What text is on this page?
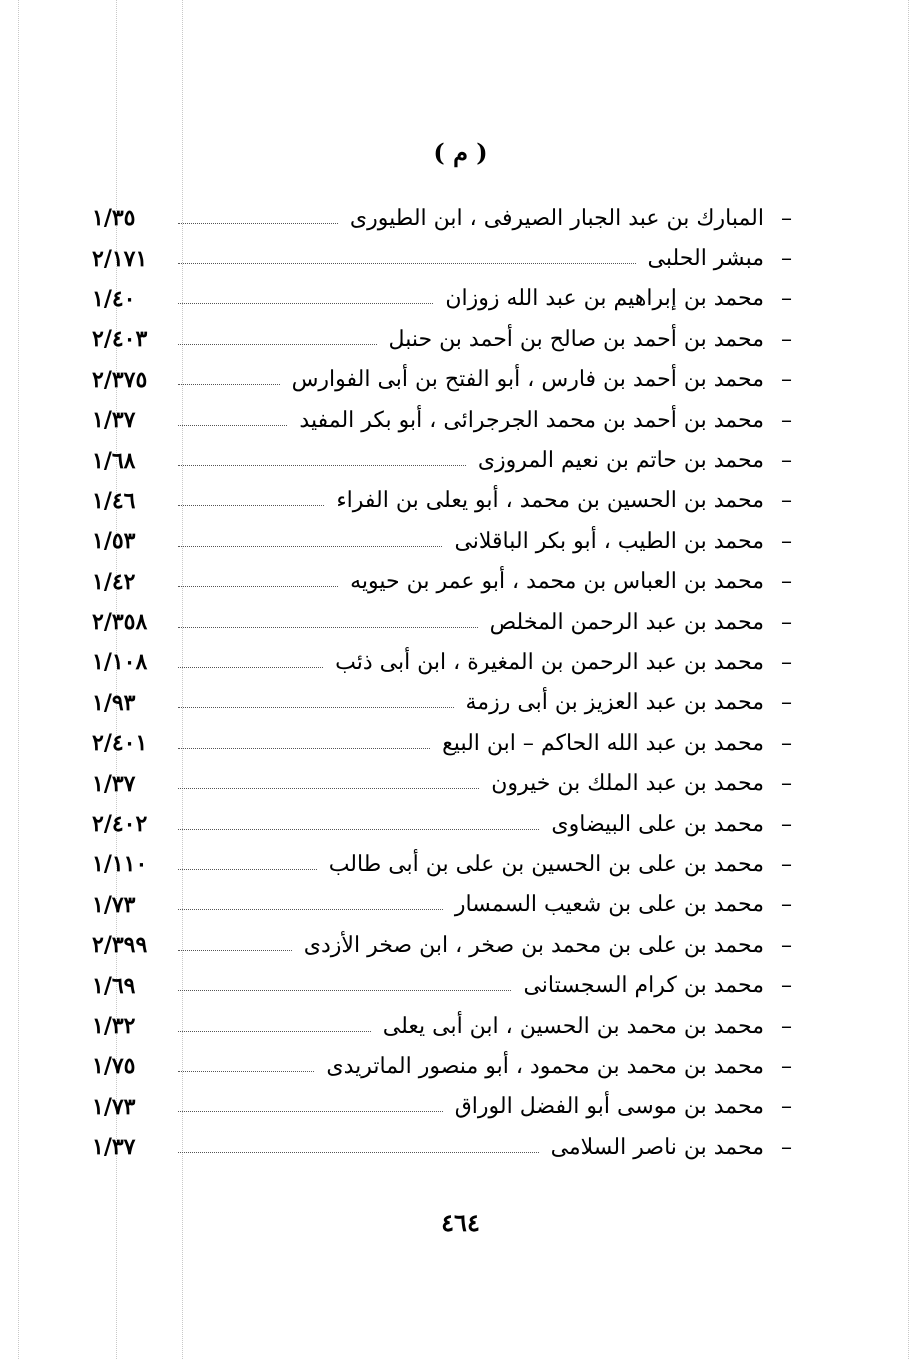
( م )
–
المبارك بن عبد الجبار الصيرفى ، ابن الطيورى
١/٣٥
–
مبشر الحلبى
٢/١٧١
–
محمد بن إبراهيم بن عبد الله زوزان
١/٤٠
–
محمد بن أحمد بن صالح بن أحمد بن حنبل
٢/٤٠٣
–
محمد بن أحمد بن فارس ، أبو الفتح بن أبى الفوارس
٢/٣٧٥
–
محمد بن أحمد بن محمد الجرجرائى ، أبو بكر المفيد
١/٣٧
–
محمد بن حاتم بن نعيم المروزى
١/٦٨
–
محمد بن الحسين بن محمد ، أبو يعلى بن الفراء
١/٤٦
–
محمد بن الطيب ، أبو بكر الباقلانى
١/٥٣
–
محمد بن العباس بن محمد ، أبو عمر بن حيويه
١/٤٢
–
محمد بن عبد الرحمن المخلص
٢/٣٥٨
–
محمد بن عبد الرحمن بن المغيرة ، ابن أبى ذئب
١/١٠٨
–
محمد بن عبد العزيز بن أبى رزمة
١/٩٣
–
محمد بن عبد الله الحاكم – ابن البيع
٢/٤٠١
–
محمد بن عبد الملك بن خيرون
١/٣٧
–
محمد بن على البيضاوى
٢/٤٠٢
–
محمد بن على بن الحسين بن على بن أبى طالب
١/١١٠
–
محمد بن على بن شعيب السمسار
١/٧٣
–
محمد بن على بن محمد بن صخر ، ابن صخر الأزدى
٢/٣٩٩
–
محمد بن كرام السجستانى
١/٦٩
–
محمد بن محمد بن الحسين ، ابن أبى يعلى
١/٣٢
–
محمد بن محمد بن محمود ، أبو منصور الماتريدى
١/٧٥
–
محمد بن موسى أبو الفضل الوراق
١/٧٣
–
محمد بن ناصر السلامى
١/٣٧
٤٦٤
